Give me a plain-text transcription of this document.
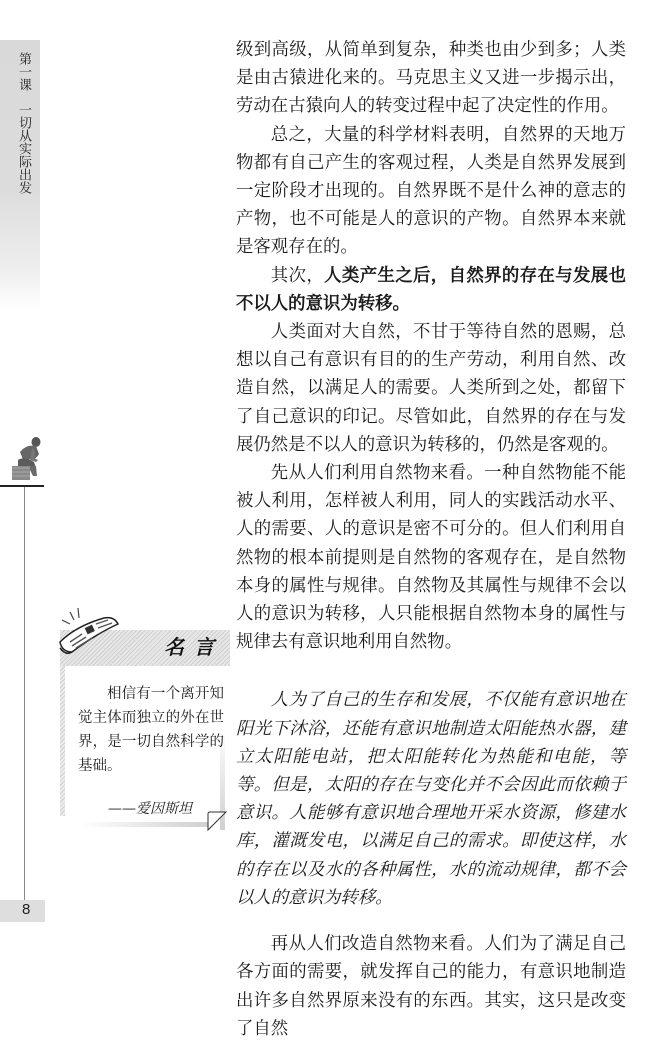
第一课一切从实际出发
8
名言
相信有一个离开知觉主体而独立的外在世界，是一切自然科学的基础。
——爱因斯坦

级到高级，从简单到复杂，种类也由少到多；人类是由古猿进化来的。马克思主义又进一步揭示出，劳动在古猿向人的转变过程中起了决定性的作用。

总之，大量的科学材料表明，自然界的天地万物都有自己产生的客观过程，人类是自然界发展到一定阶段才出现的。自然界既不是什么神的意志的产物，也不可能是人的意识的产物。自然界本来就是客观存在的。

其次，人类产生之后，自然界的存在与发展也不以人的意识为转移。

人类面对大自然，不甘于等待自然的恩赐，总想以自己有意识有目的的生产劳动，利用自然、改造自然，以满足人的需要。人类所到之处，都留下了自己意识的印记。尽管如此，自然界的存在与发展仍然是不以人的意识为转移的，仍然是客观的。

先从人们利用自然物来看。一种自然物能不能被人利用，怎样被人利用，同人的实践活动水平、人的需要、人的意识是密不可分的。但人们利用自然物的根本前提则是自然物的客观存在，是自然物本身的属性与规律。自然物及其属性与规律不会以人的意识为转移，人只能根据自然物本身的属性与规律去有意识地利用自然物。

人为了自己的生存和发展，不仅能有意识地在阳光下沐浴，还能有意识地制造太阳能热水器，建立太阳能电站，把太阳能转化为热能和电能，等等。但是，太阳的存在与变化并不会因此而依赖于意识。人能够有意识地合理地开采水资源，修建水库，灌溉发电，以满足自己的需求。即使这样，水的存在以及水的各种属性，水的流动规律，都不会以人的意识为转移。

再从人们改造自然物来看。人们为了满足自己各方面的需要，就发挥自己的能力，有意识地制造出许多自然界原来没有的东西。其实，这只是改变了自然
